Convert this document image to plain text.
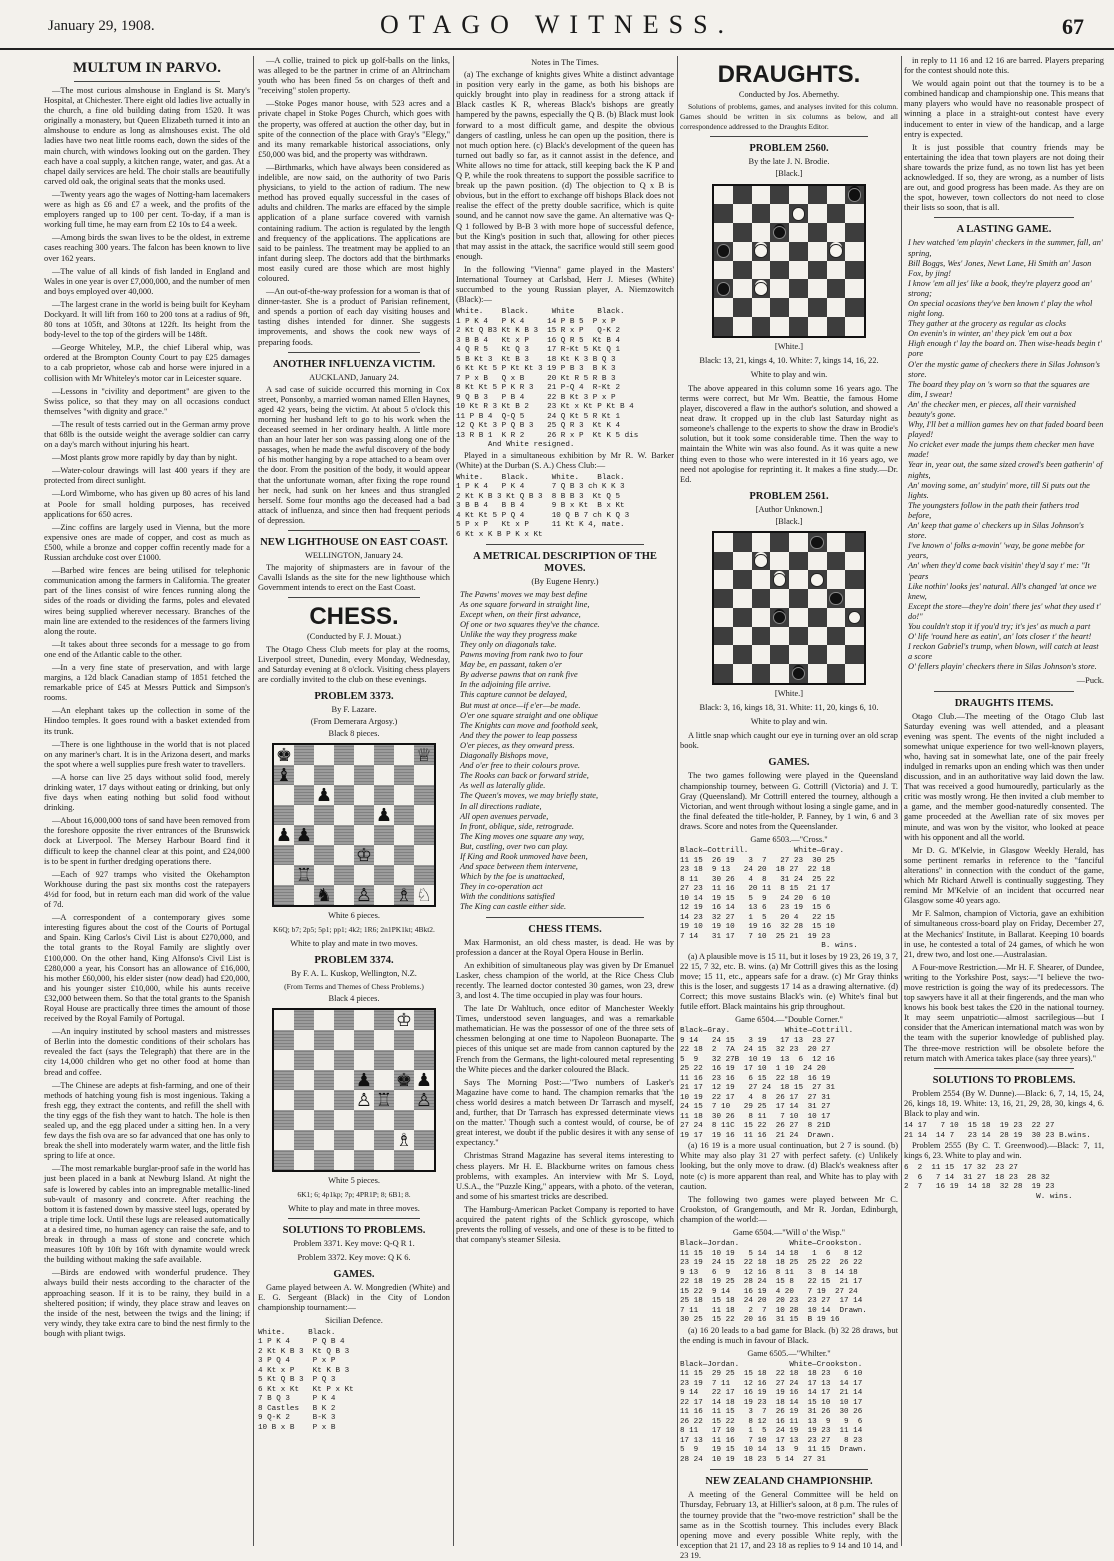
January 29, 1908.	OTAGO WITNESS.	67
MULTUM IN PARVO.
—The most curious almshouse in England is St. Mary's Hospital, at Chichester. There eight old ladies live actually in the church, a fine old building dating from 1520. It was originally a monastery, but Queen Elizabeth turned it into an almshouse to endure as long as almshouses exist. The old ladies have two neat little rooms each, down the sides of the main church, with windows looking out on the garden. They each have a coal supply, a kitchen range, water, and gas. At a chapel daily services are held. The choir stalls are beautifully carved old oak, the original seats that the monks used.
—Twenty years ago the wages of Notting-ham lacemakers were as high as £6 and £7 a week, and the profits of the employers ranged up to 100 per cent. To-day, if a man is working full time, he may earn from £2 10s to £4 a week.
—Among birds the swan lives to be the oldest, in extreme cases reaching 300 years. The falcon has been known to live over 162 years.
—The value of all kinds of fish landed in England and Wales in one year is over £7,000,000, and the number of men and boys employed over 40,000.
—The largest crane in the world is being built for Keyham Dockyard. It will lift from 160 to 200 tons at a radius of 9ft, 80 tons at 105ft, and 30tons at 122ft. Its height from the body-level to the top of the girders will be 148ft.
—George Whiteley, M.P., the chief Liberal whip, was ordered at the Brompton County Court to pay £25 damages to a cab proprietor, whose cab and horse were injured in a collision with Mr Whiteley's motor car in Leicester square.
—Lessons in "civility and deportment" are given to the Swiss police, so that they may on all occasions conduct themselves "with dignity and grace."
—The result of tests carried out in the German army prove that 68lb is the outside weight the average soldier can carry on a day's march without injuring his heart.
—Most plants grow more rapidly by day than by night.
—Water-colour drawings will last 400 years if they are protected from direct sunlight.
—Lord Wimborne, who has given up 80 acres of his land at Poole for small holding purposes, has received applications for 650 acres.
—Zinc coffins are largely used in Vienna, but the more expensive ones are made of copper, and cost as much as £500, while a bronze and copper coffin recently made for a Russian archduke cost over £1000.
—Barbed wire fences are being utilised for telephonic communication among the farmers in California. The greater part of the lines consist of wire fences running along the sides of the roads or dividing the farms, poles and elevated wires being supplied wherever necessary. Branches of the main line are extended to the residences of the farmers living along the route.
—It takes about three seconds for a message to go from one end of the Atlantic cable to the other.
—In a very fine state of preservation, and with large margins, a 12d black Canadian stamp of 1851 fetched the remarkable price of £45 at Messrs Puttick and Simpson's rooms.
—An elephant takes up the collection in some of the Hindoo temples. It goes round with a basket extended from its trunk.
—There is one lighthouse in the world that is not placed on any mariner's chart. It is in the Arizona desert, and marks the spot where a well supplies pure fresh water to travellers.
—A horse can live 25 days without solid food, merely drinking water, 17 days without eating or drinking, but only five days when eating nothing but solid food without drinking.
—About 16,000,000 tons of sand have been removed from the foreshore opposite the river entrances of the Brunswick dock at Liverpool. The Mersey Harbour Board find it difficult to keep the channel clear at this point, and £24,000 is to be spent in further dredging operations there.
—Each of 927 tramps who visited the Okehampton Workhouse during the past six months cost the ratepayers 4½d for food, but in return each man did work of the value of 7d.
—A correspondent of a contemporary gives some interesting figures about the cost of the Courts of Portugal and Spain. King Carlos's Civil List is about £270,000, and the total grants to the Royal Family are slightly over £100,000. On the other hand, King Alfonso's Civil List is £280,000 a year, his Consort has an allowance of £16,000, his mother £60,000, his elder sister (now dead) had £20,000, and his younger sister £10,000, while his aunts receive £32,000 between them. So that the total grants to the Spanish Royal House are practically three times the amount of those received by the Royal Family of Portugal.
—An inquiry instituted by school masters and mistresses of Berlin into the domestic conditions of their scholars has revealed the fact (says the Telegraph) that there are in the city 14,000 children who get no other food at home than bread and coffee.
—The Chinese are adepts at fish-farming, and one of their methods of hatching young fish is most ingenious. Taking a fresh egg, they extract the contents, and refill the shell with the tiny eggs of the fish they want to hatch. The hole is then sealed up, and the egg placed under a sitting hen. In a very few days the fish ova are so far advanced that one has only to break the shell into moderately warm water, and the little fish spring to life at once.
—The most remarkable burglar-proof safe in the world has just been placed in a bank at Newburg Island. At night the safe is lowered by cables into an impregnable metallic-lined sub-vault of masonry and concrete. After reaching the bottom it is fastened down by massive steel lugs, operated by a triple time lock. Until these lugs are released automatically at a desired time, no human agency can raise the safe, and to break in through a mass of stone and concrete which measures 10ft by 10ft by 16ft with dynamite would wreck the building without making the safe available.
—Birds are endowed with wonderful prudence. They always build their nests according to the character of the approaching season. If it is to be rainy, they build in a sheltered position; if windy, they place straw and leaves on the inside of the nest, between the twigs and the lining; if very windy, they take extra care to bind the nest firmly to the bough with pliant twigs.
—A collie, trained to pick up golf-balls on the links, was alleged to be the partner in crime of an Altrincham youth who has been fined 5s on charges of theft and "receiving" stolen property.
—Stoke Poges manor house, with 523 acres and a private chapel in Stoke Poges Church, which goes with the property, was offered at auction the other day, but in spite of the connection of the place with Gray's "Elegy," and its many remarkable historical associations, only £50,000 was bid, and the property was withdrawn.
—Birthmarks, which have always been considered as indelible, are now said, on the authority of two Paris physicians, to yield to the action of radium. The new method has proved equally successful in the cases of adults and children. The marks are effaced by the simple application of a plane surface covered with varnish containing radium. The action is regulated by the length and frequency of the applications. The applications are said to be painless. The treatment may be applied to an infant during sleep. The doctors add that the birthmarks most easily cured are those which are most highly coloured.
—An out-of-the-way profession for a woman is that of dinner-taster. She is a product of Parisian refinement, and spends a portion of each day visiting houses and tasting dishes intended for dinner. She suggests improvements, and shows the cook new ways of preparing foods.
ANOTHER INFLUENZA VICTIM.
AUCKLAND, January 24.

A sad case of suicide occurred this morning in Cox street, Ponsonby, a married woman named Ellen Haynes, aged 42 years, being the victim. At about 5 o'clock this morning her husband left to go to his work when the deceased seemed in her ordinary health. A little more than an hour later her son was passing along one of the passages, when he made the awful discovery of the body of his mother hanging by a rope attached to a beam over the door. From the position of the body, it would appear that the unfortunate woman, after fixing the rope round her neck, had sunk on her knees and thus strangled herself. Some four months ago the deceased had a bad attack of influenza, and since then had frequent periods of depression.

NEW LIGHTHOUSE ON EAST COAST.
WELLINGTON, January 24.

The majority of shipmasters are in favour of the Cavalli Islands as the site for the new lighthouse which Government intends to erect on the East Coast.

CHESS.
(Conducted by F. J. Mouat.)

The Otago Chess Club meets for play at the rooms, Liverpool street, Dunedin, every Monday, Wednesday, and Saturday evening at 8 o'clock. Visiting chess players are cordially invited to the club on these evenings.

PROBLEM 3373.
By F. Lazare.
(From Demerara Argosy.)
Black 8 pieces.
♚	♕
♝
♟
♟
♟ ♟
♔
♖
♞ ♙ ♗ ♘
White 6 pieces.
K6Q; b7; 2p5; 5p1; pp1; 4k2; 1R6; 2n1PK1kt; 4Bkt2.
White to play and mate in two moves.
PROBLEM 3374.
By F. A. L. Kuskop, Wellington, N.Z.
(From Terms and Themes of Chess Problems.)
Black 4 pieces.
♔
♟ ♚ ♟
♙ ♖ ♙
♗
White 5 pieces.
6K1; 6; 4p1kp; 7p; 4PR1P; 8; 6B1; 8.
White to play and mate in three moves.
SOLUTIONS TO PROBLEMS.
Problem 3371. Key move: Q-Q R 1.
Problem 3372. Key move: Q K 6.
GAMES.

Game played between A. W. Mongredien (White) and E. G. Sergeant (Black) in the City of London championship tournament:—

Sicilian Defence.
White.     Black.
1 P K 4     P Q B 4
2 Kt K B 3  Kt Q B 3
3 P Q 4     P x P
4 Kt x P    Kt K B 3
5 Kt Q B 3  P Q 3
6 Kt x Kt   Kt P x Kt
7 B Q 3     P K 4
8 Castles   B K 2
9 Q-K 2     B-K 3
10 B x B    P x B
Notes in The Times.

(a) The exchange of knights gives White a distinct advantage in position very early in the game, as both his bishops are quickly brought into play in readiness for a strong attack if Black castles K R, whereas Black's bishops are greatly hampered by the pawns, especially the Q B. (b) Black must look forward to a most difficult game, and despite the obvious dangers of castling, unless he can open up the position, there is not much option here. (c) Black's development of the queen has turned out badly so far, as it cannot assist in the defence, and White allows no time for attack, still keeping back the K P and Q P, while the rook threatens to support the possible sacrifice to break up the pawn position. (d) The objection to Q x B is obvious, but in the effort to exchange off bishops Black does not realise the effect of the pretty double sacrifice, which is quite sound, and he cannot now save the game. An alternative was Q-Q 1 followed by B-B 3 with more hope of successful defence, but the King's position in such that, allowing for other pieces that may assist in the attack, the sacrifice would still seem good enough.

In the following "Vienna" game played in the Masters' International Tourney at Carlsbad, Herr J. Mieses (White) succumbed to the young Russian player, A. Niemzowitch (Black):—

White.    Black.     White     Black.
1 P K 4   P K 4     14 P B 5  P x P
2 Kt Q B3 Kt K B 3  15 R x P   Q-K 2
3 B B 4   Kt x P    16 Q R 5  Kt B 4
4 Q R 5   Kt Q 3    17 R-Kt 5 Kt Q 1
5 B Kt 3  Kt B 3    18 Kt K 3 B Q 3
6 Kt Kt 5 P Kt Kt 3 19 P B 3  B K 3
7 P x B   Q x B     20 Kt R 5 R B 3
8 Kt Kt 5 P K R 3   21 P-Q 4  R-Kt 2
9 Q B 3   P B 4     22 B Kt 3 P x P
10 Kt R 3 Kt B 2    23 Kt x Kt P Kt B 4
11 P B 4  Q-Q 5     24 Q Kt 5 R Kt 1
12 Q Kt 3 P Q B 3   25 Q R 3  Kt K 4
13 R B 1  K R 2     26 R x P  Kt K 5 dis
And White resigned.

Played in a simultaneous exhibition by Mr R. W. Barker (White) at the Durban (S. A.) Chess Club:—

White.    Black.     White.    Black.
1 P K 4   P K 4      7 Q B 3 ch K K 3
2 Kt K B 3 Kt Q B 3  8 B B 3  Kt Q 5
3 B B 4   B B 4      9 B x Kt  B x Kt
4 Kt Kt 5 P Q 4      10 Q B 7 ch K Q 3
5 P x P   Kt x P     11 Kt K 4, mate.
6 Kt x K B P K x Kt
A METRICAL DESCRIPTION OF THE MOVES.
(By Eugene Henry.)
The Pawns' moves we may best define
As one square forward in straight line,
Except when, on their first advance,
Of one or two squares they've the chance.
Unlike the way they progress make
They only on diagonals take.
Pawns moving from rank two to four
May be, en passant, taken o'er
By adverse pawns that on rank five
In the adjoining file arrive.
This capture cannot be delayed,
But must at once—if e'er—be made.
O'er one square straight and one oblique
The Knights can move and foothold seek,
And they the power to leap possess
O'er pieces, as they onward press.
Diagonally Bishops move,
And o'er free to their colours prove.
The Rooks can back or forward stride,
As well as laterally glide.
The Queen's moves, we may briefly state,
In all directions radiate,
All open avenues pervade,
In front, oblique, side, retrograde.
The King moves one square any way,
But, castling, over two can play.
If King and Rook unmoved have been,
And space between them intervene,
Which by the foe is unattacked,
They in co-operation act
With the conditions satisfied
The King can castle either side.
CHESS ITEMS.
Max Harmonist, an old chess master, is dead. He was by profession a dancer at the Royal Opera House in Berlin.
An exhibition of simultaneous play was given by Dr Emanuel Lasker, chess champion of the world, at the Rice Chess Club recently. The learned doctor contested 30 games, won 23, drew 3, and lost 4. The time occupied in play was four hours.
The late Dr Wahltuch, once editor of Manchester Weekly Times, understood seven languages, and was a remarkable mathematician. He was the possessor of one of the three sets of chessmen belonging at one time to Napoleon Buonaparte. The pieces of this unique set are made from cannon captured by the French from the Germans, the light-coloured metal representing the White pieces and the darker coloured the Black.
Says The Morning Post:—"Two numbers of Lasker's Magazine have come to hand. The champion remarks that 'the chess world desires a match between Dr Tarrasch and myself, and, further, that Dr Tarrasch has expressed determinate views on the matter.' Though such a contest would, of course, be of great interest, we doubt if the public desires it with any sense of expectancy."
Christmas Strand Magazine has several items interesting to chess players. Mr H. E. Blackburne writes on famous chess problems, with examples. An interview with Mr S. Loyd, U.S.A., the "Puzzle King," appears, with a photo. of the veteran, and some of his smartest tricks are described.
The Hamburg-American Packet Company is reported to have acquired the patent rights of the Schlick gyroscope, which prevents the rolling of vessels, and one of these is to be fitted to that company's steamer Silesia.
DRAUGHTS.
Conducted by Jos. Abernethy.

Solutions of problems, games, and analyses invited for this column. Games should be written in six columns as below, and all correspondence addressed to the Draughts Editor.

PROBLEM 2560.
By the late J. N. Brodie.
[Black.]
[White.]
Black: 13, 21, kings 4, 10. White: 7, kings 14, 16, 22.
White to play and win.

The above appeared in this column some 16 years ago. The terms were correct, but Mr Wm. Beattie, the famous Home player, discovered a flaw in the author's solution, and showed a neat draw. It cropped up in the club last Saturday night as someone's challenge to the experts to show the draw in Brodie's solution, but it took some considerable time. Then the way to maintain the White win was also found. As it was quite a new thing even to those who were interested in it 16 years ago, we need not apologise for reprinting it. It makes a fine study.—Dr. Ed.

PROBLEM 2561.
[Author Unknown.]
[Black.]
[White.]
Black: 3, 16, kings 18, 31. White: 11, 20, kings 6, 10.
White to play and win.

A little snap which caught our eye in turning over an old scrap book.

GAMES.

The two games following were played in the Queensland championship tourney, between G. Cottrill (Victoria) and J. T. Gray (Queensland). Mr Cottrill entered the tourney, although a Victorian, and went through without losing a single game, and in the final defeated the title-holder, P. Fanney, by 1 win, 6 and 3 draws. Score and notes from the Queenslander.

Game 6503.—"Cross."
Black—Cottrill.          White—Gray.
11 15  26 19   3  7   27 23  30 25
23 18  9 13   24 20  18 27  22 18
8 11   30 26   4  8   31 24  25 22
27 23  11 16   20 11  8 15  21 17
10 14  19 15   5  9   24 20  6 10
12 19  16 14   13 6   23 19  15 6
14 23  32 27   1  5   20 4   22 15
19 10  19 10   19 16  32 28  15 10
7 14   31 17   7 10  25 21  19 23
B. wins.

(a) A plausible move is 15 11, but it loses by 19 23, 26 19, 3 7, 22 15, 7 32, etc. B. wins. (a) Mr Cottrill gives this as the losing move; 15 11, etc., appears safe for a draw. (c) Mr Gray thinks this is the loser, and suggests 17 14 as a drawing alternative. (d) Correct; this move sustains Black's win. (e) White's final but futile effort. Black maintains his grip throughout.

Game 6504.—"Double Corner."
Black—Gray.            White—Cottrill.
9 14   24 15   3 19   17 13  23 27
22 18  2  7A  24 15  32 23  20 27
5  9   32 27B  10 19  13  6  12 16
25 22  16 19  17 10  1 10  24 20
11 16  23 16   6 15  22 18  16 19
21 17  12 19   27 24  18 15  27 31
10 19  22 17   4  8  26 17  27 31
24 15  7 10   29 25  17 14  31 27
11 18  30 26   8 11   7 10  10 17
27 24  8 11C  15 22  26 27  8 21D
19 17  19 16  11 16  21 24  Drawn.

(a) 16 19 is a more usual continuation, but 2 7 is sound. (b) White may also play 31 27 with perfect safety. (c) Unlikely looking, but the only move to draw. (d) Black's weakness after note (c) is more apparent than real, and White has to play with caution.

The following two games were played between Mr C. Crookston, of Grangemouth, and Mr R. Jordan, Edinburgh, champion of the world:—

Game 6504.—"Will o' the Wisp."
Black—Jordan.           White—Crookston.
11 15  10 19   5 14  14 18   1  6   8 12
23 19  24 15  22 18  18 25  25 22  26 22
9 13   6  9   12 16  8 11   3  8  14 18
22 18  19 25  28 24  15 8   22 15  21 17
15 22  9 14   16 19  4 20   7 19  27 24
25 18  15 18  24 20  20 23  23 27  17 14
7 11   11 18   2  7  10 28  10 14  Drawn.
30 25  15 22  20 16  31 15  B 19 16

(a) 16 20 leads to a bad game for Black. (b) 32 28 draws, but the ending is much in favour of Black.

Game 6505.—"Whilter."
Black—Jordan.           White—Crookston.
11 15  29 25  15 18  22 18  18 23   6 10
23 19  7 11   12 16  27 24  17 13  14 17
9 14   22 17  16 19  19 16  14 17  21 14
22 17  14 18  19 23  18 14  15 10  10 17
11 16  11 15   3  7  26 19  31 26  30 26
26 22  15 22   8 12  16 11  13  9   9  6
8 11   17 10   1  5  24 19  19 23  11 14
17 13  11 16   7 10  17 13  23 27   8 23
5  9   19 15  10 14  13  9  11 15  Drawn.
28 24  10 19  18 23  5 14  27 31
NEW ZEALAND CHAMPIONSHIP.

A meeting of the General Committee will be held on Thursday, February 13, at Hillier's saloon, at 8 p.m. The rules of the tourney provide that the "two-move restriction" shall be the same as in the Scottish tourney. This includes every Black opening move and every possible White reply, with the exception that 21 17, and 23 18 as replies to 9 14 and 10 14, and 23 19.

in reply to 11 16 and 12 16 are barred. Players preparing for the contest should note this.

We would again point out that the tourney is to be a combined handicap and championship one. This means that many players who would have no reasonable prospect of winning a place in a straight-out contest have every inducement to enter in view of the handicap, and a large entry is expected.
It is just possible that country friends may be entertaining the idea that town players are not doing their share towards the prize fund, as no town list has yet been acknowledged. If so, they are wrong, as a number of lists are out, and good progress has been made. As they are on the spot, however, town collectors do not need to close their lists so soon, that is all.
A LASTING GAME.
I hev watched 'em playin' checkers in the summer, fall, an' spring,
Bill Boggs, Wes' Jones, Newt Lane, Hi Smith an' Jason Fox, by jing!
I know 'em all jes' like a book, they're playerz good an' strong;
On special ocasions they've ben known t' play the whol night long.
They gather at the grocery as regular as clocks
On evenin's in winter, an' they pick 'em out a box
High enough t' lay the board on. Then wise-heads begin t' pore
O'er the mystic game of checkers there in Silas Johnson's store.
The board they play on 's worn so that the squares are dim, I swear!
An' the checker men, er pieces, all their varnished beauty's gone.
Why, I'll bet a million games hev on that faded board been played!
No cricket ever made the jumps them checker men have made!
Year in, year out, the same sized crowd's been gatherin' of nights,
An' moving some, an' studyin' more, till Si puts out the lights.
The youngsters follow in the path their fathers trod before,
An' keep that game o' checkers up in Silas Johnson's store.
I've known o' folks a-movin' 'way, be gone mebbe for years,
An' when they'd come back visitin' they'd say t' me: "It 'pears
Like nothin' looks jes' natural. All's changed 'at once we knew,
Except the store—they're doin' there jes' what they used t' do!"
You couldn't stop it if you'd try; it's jes' as much a part
O' life 'round here as eatin', an' lots closer t' the heart!
I reckon Gabriel's trump, when blown, will catch at least a score
O' fellers playin' checkers there in Silas Johnson's store.
—Puck.
DRAUGHTS ITEMS.
Otago Club.—The meeting of the Otago Club last Saturday evening was well attended, and a pleasant evening was spent. The events of the night included a somewhat unique experience for two well-known players, who, having sat in somewhat late, one of the pair freely indulged in remarks upon an ending which was then under discussion, and in an authoritative way laid down the law. That was received a good humouredly, particularly as the critic was mostly wrong. He then invited a club member to a game, and the member good-naturedly consented. The game proceeded at the Awellian rate of six moves per minute, and was won by the visitor, who looked at peace with his opponent and all the world.
Mr D. G. M'Kelvie, in Glasgow Weekly Herald, has some pertinent remarks in reference to the "fanciful alterations" in connection with the conduct of the game, which Mr Richard Atwell is continually suggesting. They remind Mr M'Kelvie of an incident that occurred near Glasgow some 40 years ago.
Mr F. Salmon, champion of Victoria, gave an exhibition of simultaneous cross-board play on Friday, December 27, at the Mechanics' Institute, in Ballarat. Keeping 10 boards in use, he contested a total of 24 games, of which he won 21, drew two, and lost one.—Australasian.
A Four-move Restriction.—Mr H. F. Shearer, of Dundee, writing to the Yorkshire Post, says:—"I believe the two-move restriction is going the way of its predecessors. The top sawyers have it all at their fingerends, and the man who knows his book best takes the £20 in the national tourney. It may seem unpatriotic—almost sacrilegious—but I consider that the American international match was won by the team with the superior knowledge of published play. The three-move restriction will be obsolete before the return match with America takes place (say three years)."
SOLUTIONS TO PROBLEMS.

Problem 2554 (By W. Dunne).—Black: 6, 7, 14, 15, 24, 26, kings 18, 19. White: 13, 16, 21, 29, 28, 30, kings 4, 6. Black to play and win.

14 17   7 10  15 18  19 23  22 27
21 14  14 7   23 14  28 19  30 23 B.wins.

Problem 2555 (By C. T. Greenwood).—Black: 7, 11, kings 6, 23. White to play and win.

6  2  11 15  17 32  23 27
2  6   7 14  31 27  18 23  28 32
2  7   16 19  14 18  32 28  19 23
W. wins.
